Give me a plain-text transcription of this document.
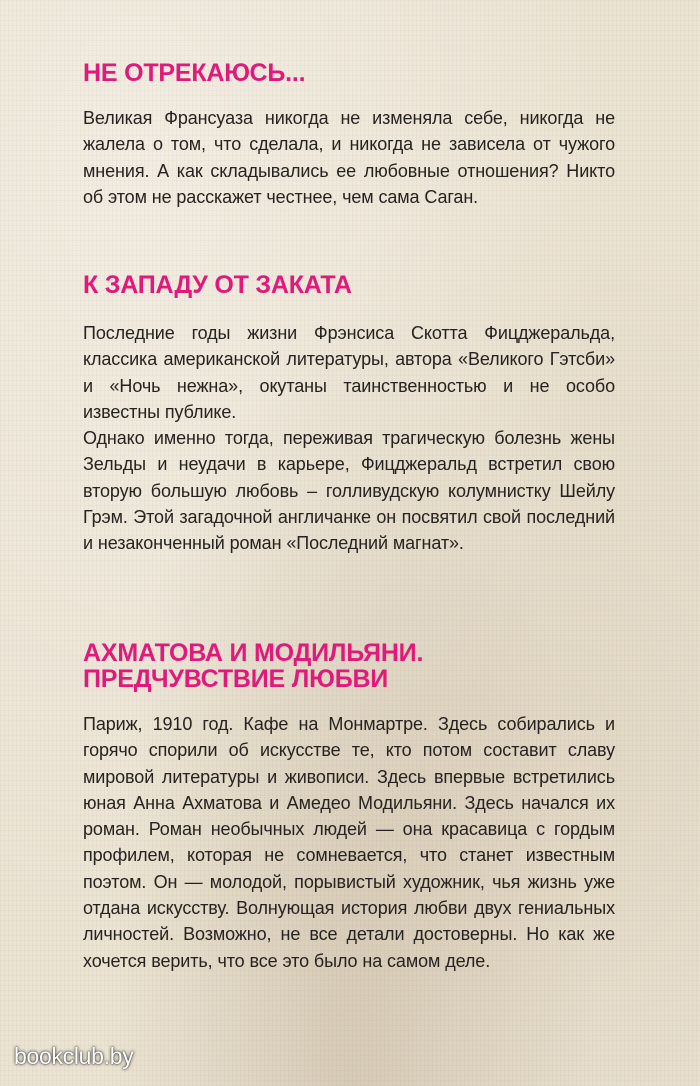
НЕ ОТРЕКАЮСЬ...

Великая Франсуаза никогда не изменяла себе, никогда не жалела о том, что сделала, и никогда не зависела от чужого мнения. А как складывались ее любовные отношения? Никто об этом не расскажет честнее, чем сама Саган.

К ЗАПАДУ ОТ ЗАКАТА

Последние годы жизни Фрэнсиса Скотта Фицджеральда, классика американской литературы, автора «Великого Гэтсби» и «Ночь нежна», окутаны таинственностью и не особо известны публике.

Однако именно тогда, переживая трагическую болезнь жены Зельды и неудачи в карьере, Фицджеральд встретил свою вторую большую любовь – голливудскую колумнистку Шейлу Грэм. Этой загадочной англичанке он посвятил свой последний и незаконченный роман «Последний магнат».

АХМАТОВА И МОДИЛЬЯНИ.
ПРЕДЧУВСТВИЕ ЛЮБВИ

Париж, 1910 год. Кафе на Монмартре. Здесь собирались и горячо спорили об искусстве те, кто потом составит славу мировой литературы и живописи. Здесь впервые встретились юная Анна Ахматова и Амедео Модильяни. Здесь начался их роман. Роман необычных людей — она красавица с гордым профилем, которая не сомневается, что станет известным поэтом. Он — молодой, порывистый художник, чья жизнь уже отдана искусству. Волнующая история любви двух гениальных личностей. Возможно, не все детали достоверны. Но как же хочется верить, что все это было на самом деле.

bookclub.by
